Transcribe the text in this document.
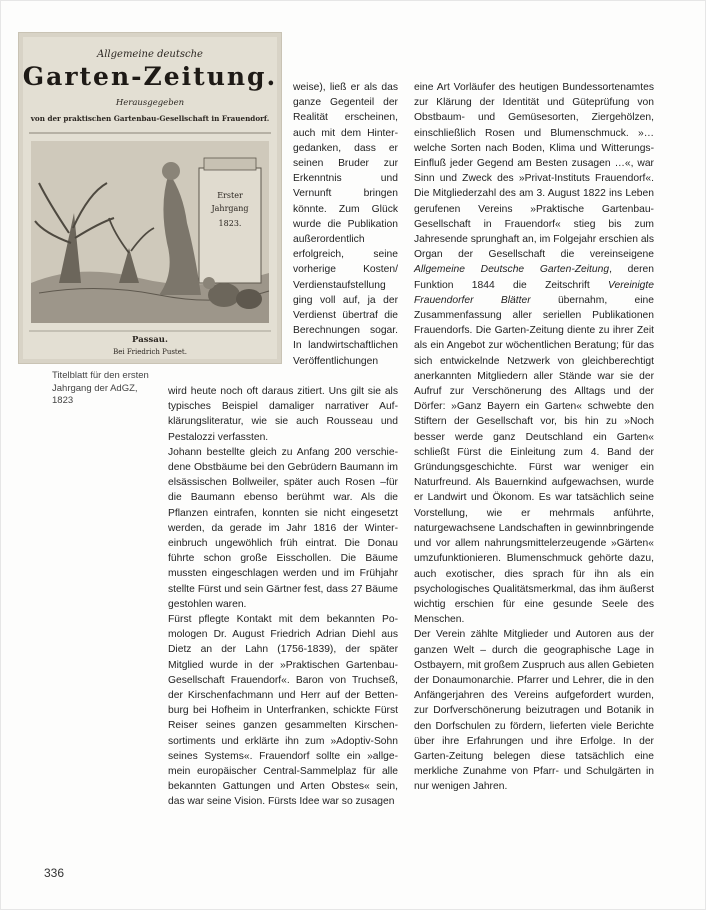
Allgemeine deutsche
Garten-Zeitung.
Herausgegeben
von der praktischen Gartenbau-Gesellschaft in Frauendorf.
Erster
Jahrgang
1823.
Passau.
Bei Friedrich Pustet.
Titelblatt für den ersten Jahrgang der AdGZ, 1823

weise), ließ er als das ganze Gegenteil der Realität erscheinen, auch mit dem Hintergedanken, dass er seinen Bruder zur Erkenntnis und Vernunft bringen könnte. Zum Glück wurde die Publikation außerordentlich erfolgreich, seine vorherige Kosten/ Verdienstaufstellung ging voll auf, ja der Verdienst übertraf die Berechnungen sogar. In landwirtschaftlichen Veröffentlichungen

wird heute noch oft daraus zitiert. Uns gilt sie als typisches Beispiel damaliger narrativer Aufklärungsliteratur, wie sie auch Rousseau und Pestalozzi verfassten.

Johann bestellte gleich zu Anfang 200 verschiedene Obstbäume bei den Gebrüdern Baumann im elsässischen Bollweiler, später auch Rosen –für die Baumann ebenso berühmt war. Als die Pflanzen eintrafen, konnten sie nicht eingesetzt werden, da gerade im Jahr 1816 der Wintereinbruch ungewöhlich früh eintrat. Die Donau führte schon große Eisschollen. Die Bäume mussten eingeschlagen werden und im Frühjahr stellte Fürst und sein Gärtner fest, dass 27 Bäume gestohlen waren.

Fürst pflegte Kontakt mit dem bekannten Pomologen Dr. August Friedrich Adrian Diehl aus Dietz an der Lahn (1756-1839), der später Mitglied wurde in der »Praktischen Gartenbau-Gesellschaft Frauendorf«. Baron von Truchseß, der Kirschenfachmann und Herr auf der Bettenburg bei Hofheim in Unterfranken, schickte Fürst Reiser seines ganzen gesammelten Kirschensortiments und erklärte ihn zum »Adoptiv-Sohn seines Systems«. Frauendorf sollte ein »allgemein europäischer Central-Sammelplaz für alle bekannten Gattungen und Arten Obstes« sein, das war seine Vision. Fürsts Idee war so zusagen

eine Art Vorläufer des heutigen Bundessortenamtes zur Klärung der Identität und Güteprüfung von Obstbaum- und Gemüsesorten, Ziergehölzen, einschließlich Rosen und Blumenschmuck. »… welche Sorten nach Boden, Klima und Witterungs-Einfluß jeder Gegend am Besten zusagen …«, war Sinn und Zweck des »Privat-Instituts Frauendorf«. Die Mitgliederzahl des am 3. August 1822 ins Leben gerufenen Vereins »Praktische Gartenbau-Gesellschaft in Frauendorf« stieg bis zum Jahresende sprunghaft an, im Folgejahr erschien als Organ der Gesellschaft die vereinseigene Allgemeine Deutsche Garten-Zeitung, deren Funktion 1844 die Zeitschrift Vereinigte Frauendorfer Blätter übernahm, eine Zusammenfassung aller seriellen Publikationen Frauendorfs. Die Garten-Zeitung diente zu ihrer Zeit als ein Angebot zur wöchentlichen Beratung; für das sich entwickelnde Netzwerk von gleichberechtigt anerkannten Mitgliedern aller Stände war sie der Aufruf zur Verschönerung des Alltags und der Dörfer: »Ganz Bayern ein Garten« schwebte den Stiftern der Gesellschaft vor, bis hin zu »Noch besser werde ganz Deutschland ein Garten« schließt Fürst die Einleitung zum 4. Band der Gründungsgeschichte. Fürst war weniger ein Naturfreund. Als Bauernkind aufgewachsen, wurde er Landwirt und Ökonom. Es war tatsächlich seine Vorstellung, wie er mehrmals anführte, naturgewachsene Landschaften in gewinnbringende und vor allem nahrungsmittelerzeugende »Gärten« umzufunktionieren. Blumenschmuck gehörte dazu, auch exotischer, dies sprach für ihn als ein psychologisches Qualitätsmerkmal, das ihm äußerst wichtig erschien für eine gesunde Seele des Menschen.

Der Verein zählte Mitglieder und Autoren aus der ganzen Welt – durch die geographische Lage in Ostbayern, mit großem Zuspruch aus allen Gebieten der Donaumonarchie. Pfarrer und Lehrer, die in den Anfängerjahren des Vereins aufgefordert wurden, zur Dorfverschönerung beizutragen und Botanik in den Dorfschulen zu fördern, lieferten viele Berichte über ihre Erfahrungen und ihre Erfolge. In der Garten-Zeitung belegen diese tatsächlich eine merkliche Zunahme von Pfarr- und Schulgärten in nur wenigen Jahren.

336
